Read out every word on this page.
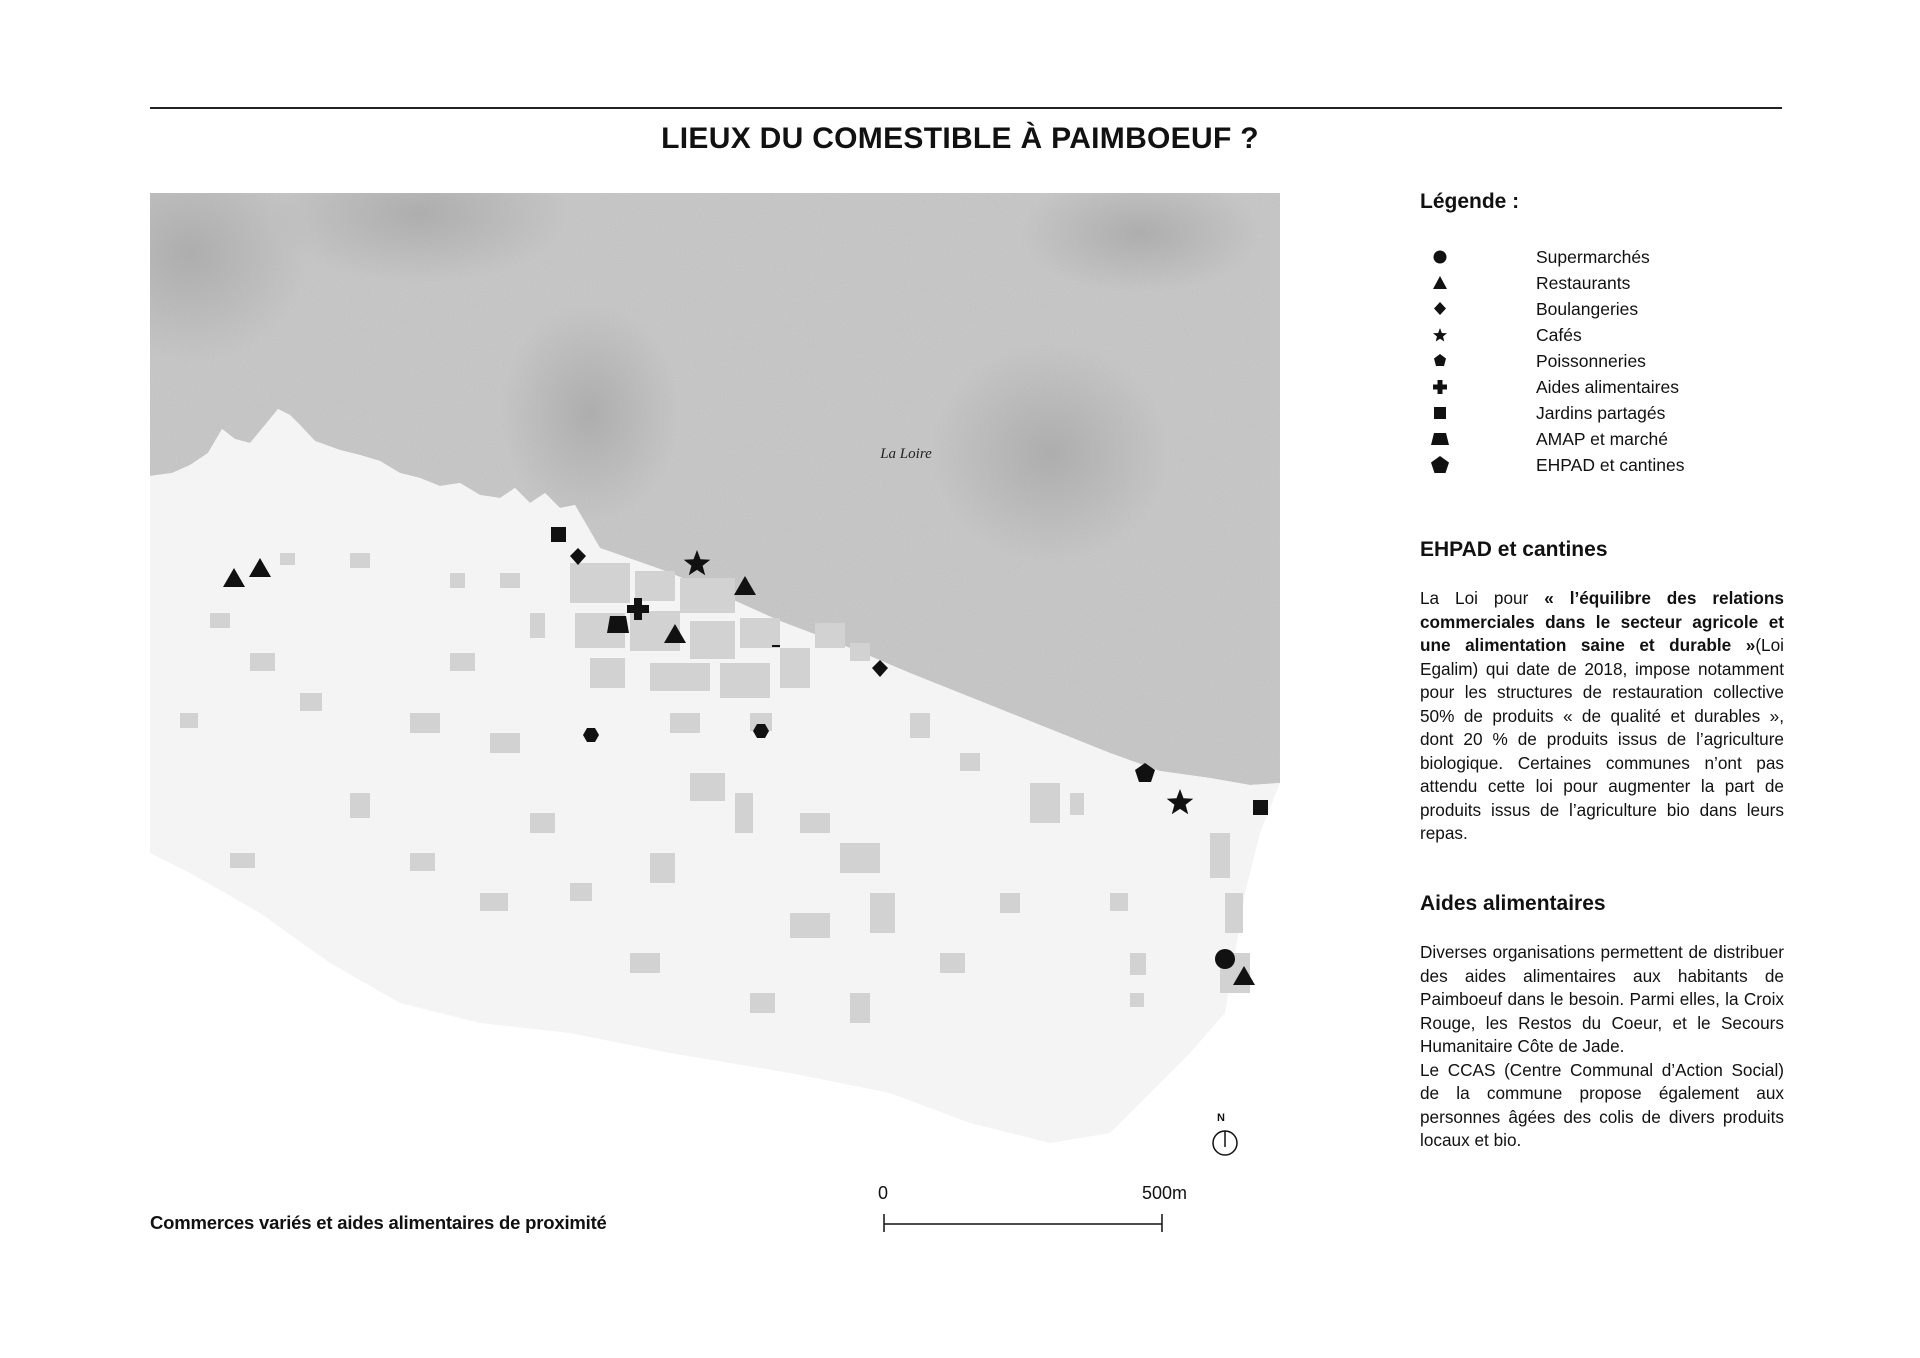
LIEUX DU COMESTIBLE À PAIMBOEUF ?
La Loire
N
0	500m
Commerces variés et aides alimentaires de proximité
Légende :
Supermarchés
Restaurants
Boulangeries
Cafés
Poissonneries
Aides alimentaires
Jardins partagés
AMAP et marché
EHPAD et cantines
EHPAD et cantines
La Loi pour « l’équilibre des relations commerciales dans le secteur agricole et une alimentation saine et durable »(Loi Egalim) qui date de 2018, impose notamment pour les structures de restauration collective 50% de produits « de qualité et durables », dont 20 % de produits issus de l’agriculture biologique. Certaines communes n’ont pas attendu cette loi pour augmenter la part de produits issus de l’agriculture bio dans leurs repas.
Aides alimentaires
Diverses organisations permettent de distribuer des aides alimentaires aux habitants de Paimboeuf dans le besoin. Parmi elles, la Croix Rouge, les Restos du Coeur, et le Secours Humanitaire Côte de Jade.
Le CCAS (Centre Communal d’Action Social) de la commune propose également aux personnes âgées des colis de divers produits locaux et bio.
